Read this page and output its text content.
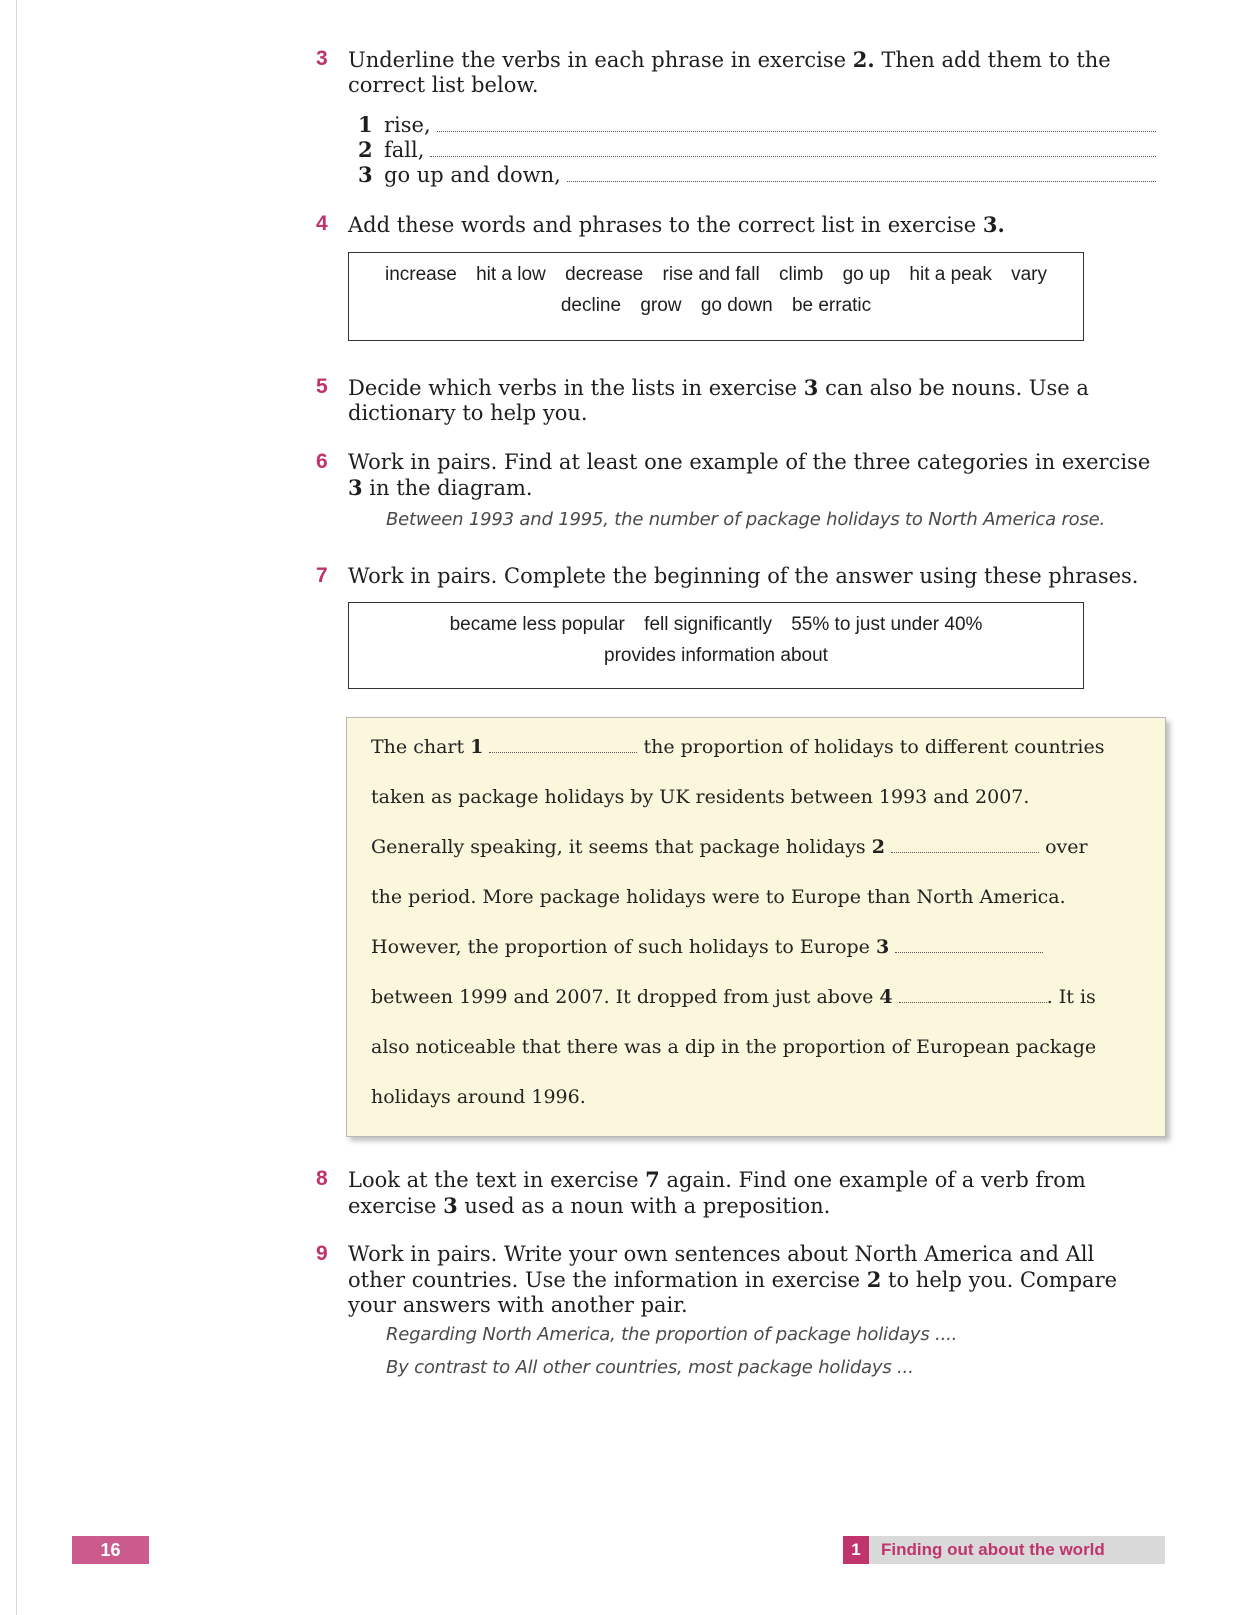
3 Underline the verbs in each phrase in exercise 2. Then add them to the correct list below.
1 rise,
2 fall,
3 go up and down,
4 Add these words and phrases to the correct list in exercise 3.
increase hit a low decrease rise and fall climb go up hit a peak vary
decline grow go down be erratic
5 Decide which verbs in the lists in exercise 3 can also be nouns. Use a dictionary to help you.
6 Work in pairs. Find at least one example of the three categories in exercise 3 in the diagram.
Between 1993 and 1995, the number of package holidays to North America rose.
7 Work in pairs. Complete the beginning of the answer using these phrases.
became less popular fell significantly 55% to just under 40%
provides information about
The chart 1	the proportion of holidays to different countries
taken as package holidays by UK residents between 1993 and 2007.
Generally speaking, it seems that package holidays 2	over
the period. More package holidays were to Europe than North America.
However, the proportion of such holidays to Europe 3
between 1999 and 2007. It dropped from just above 4	. It is
also noticeable that there was a dip in the proportion of European package
holidays around 1996.
8 Look at the text in exercise 7 again. Find one example of a verb from exercise 3 used as a noun with a preposition.
9 Work in pairs. Write your own sentences about North America and All other countries. Use the information in exercise 2 to help you. Compare your answers with another pair.
Regarding North America, the proportion of package holidays ....
By contrast to All other countries, most package holidays ...
16	1	Finding out about the world
